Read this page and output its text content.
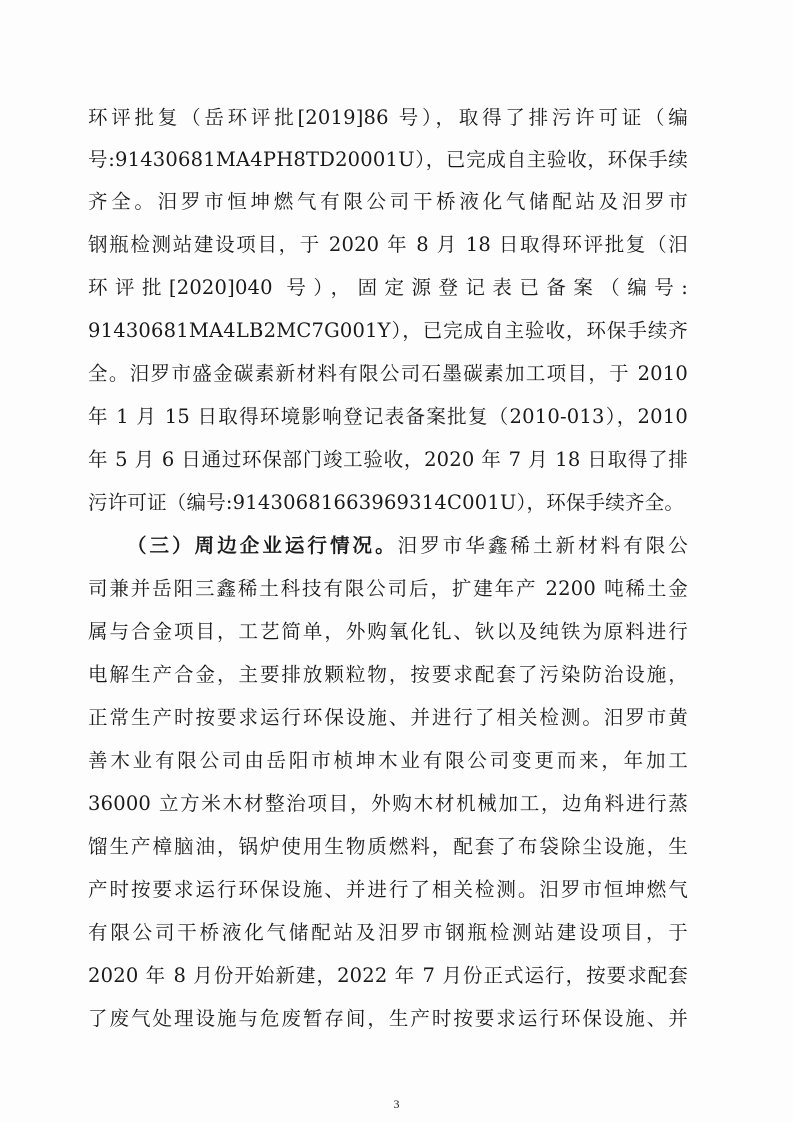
环评批复（岳环评批[2019]86 号），取得了排污许可证（编
号:91430681MA4PH8TD20001U），已完成自主验收，环保手续
齐全。汨罗市恒坤燃气有限公司干桥液化气储配站及汨罗市
钢瓶检测站建设项目，于 2020 年 8 月 18 日取得环评批复（汨
环评批[2020]040 号），固定源登记表已备案（编号:
91430681MA4LB2MC7G001Y），已完成自主验收，环保手续齐
全。汨罗市盛金碳素新材料有限公司石墨碳素加工项目，于 2010
年 1 月 15 日取得环境影响登记表备案批复（2010-013），2010
年 5 月 6 日通过环保部门竣工验收，2020 年 7 月 18 日取得了排
污许可证（编号:91430681663969314C001U），环保手续齐全。
（三）周边企业运行情况。汨罗市华鑫稀土新材料有限公
司兼并岳阳三鑫稀土科技有限公司后，扩建年产 2200 吨稀土金
属与合金项目，工艺简单，外购氧化钆、钬以及纯铁为原料进行
电解生产合金，主要排放颗粒物，按要求配套了污染防治设施，
正常生产时按要求运行环保设施、并进行了相关检测。汨罗市黄
善木业有限公司由岳阳市桢坤木业有限公司变更而来，年加工
36000 立方米木材整治项目，外购木材机械加工，边角料进行蒸
馏生产樟脑油，锅炉使用生物质燃料，配套了布袋除尘设施，生
产时按要求运行环保设施、并进行了相关检测。汨罗市恒坤燃气
有限公司干桥液化气储配站及汨罗市钢瓶检测站建设项目，于
2020 年 8 月份开始新建，2022 年 7 月份正式运行，按要求配套
了废气处理设施与危废暂存间，生产时按要求运行环保设施、并
3
